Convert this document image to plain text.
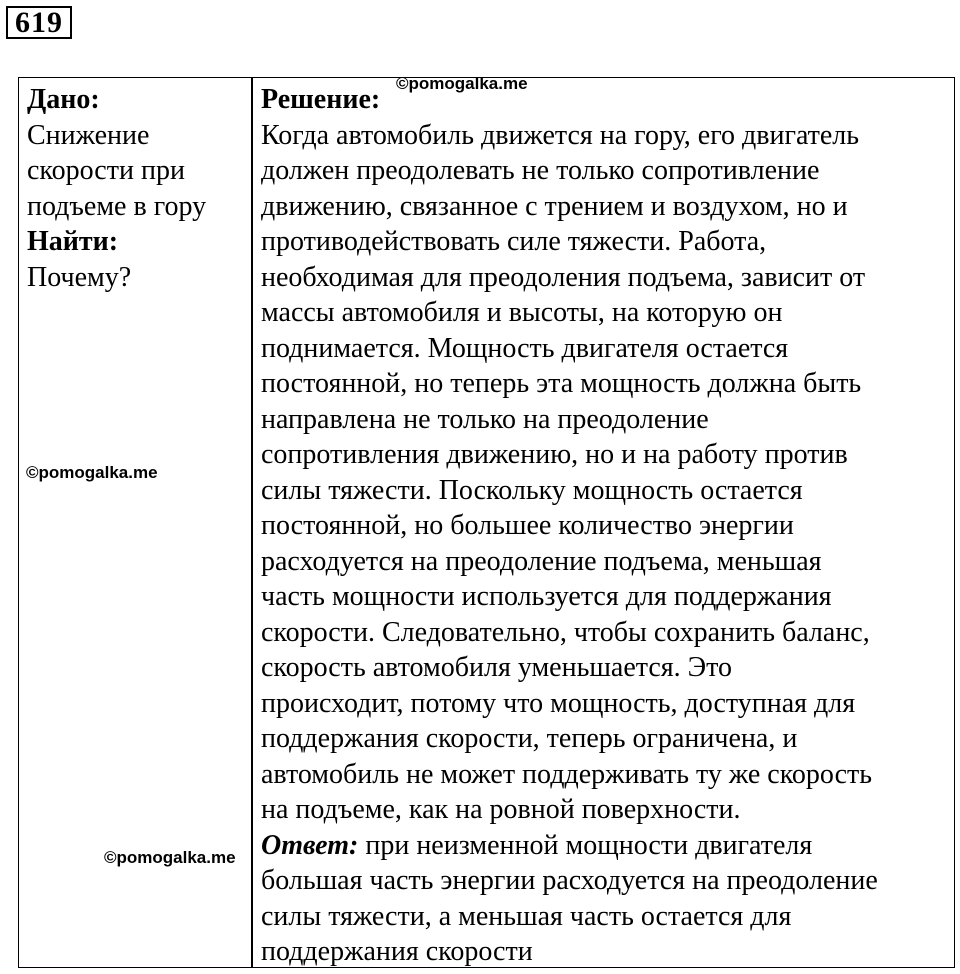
619

Дано:

Снижение

скорости при

подъеме в гору

Найти:

Почему?

Решение:

Когда автомобиль движется на гору, его двигатель

должен преодолевать не только сопротивление

движению, связанное с трением и воздухом, но и

противодействовать силе тяжести. Работа,

необходимая для преодоления подъема, зависит от

массы автомобиля и высоты, на которую он

поднимается. Мощность двигателя остается

постоянной, но теперь эта мощность должна быть

направлена не только на преодоление

сопротивления движению, но и на работу против

силы тяжести. Поскольку мощность остается

постоянной, но большее количество энергии

расходуется на преодоление подъема, меньшая

часть мощности используется для поддержания

скорости. Следовательно, чтобы сохранить баланс,

скорость автомобиля уменьшается. Это

происходит, потому что мощность, доступная для

поддержания скорости, теперь ограничена, и

автомобиль не может поддерживать ту же скорость

на подъеме, как на ровной поверхности.

Ответ: при неизменной мощности двигателя

большая часть энергии расходуется на преодоление

силы тяжести, а меньшая часть остается для

поддержания скорости

©pomogalka.me
©pomogalka.me
©pomogalka.me
